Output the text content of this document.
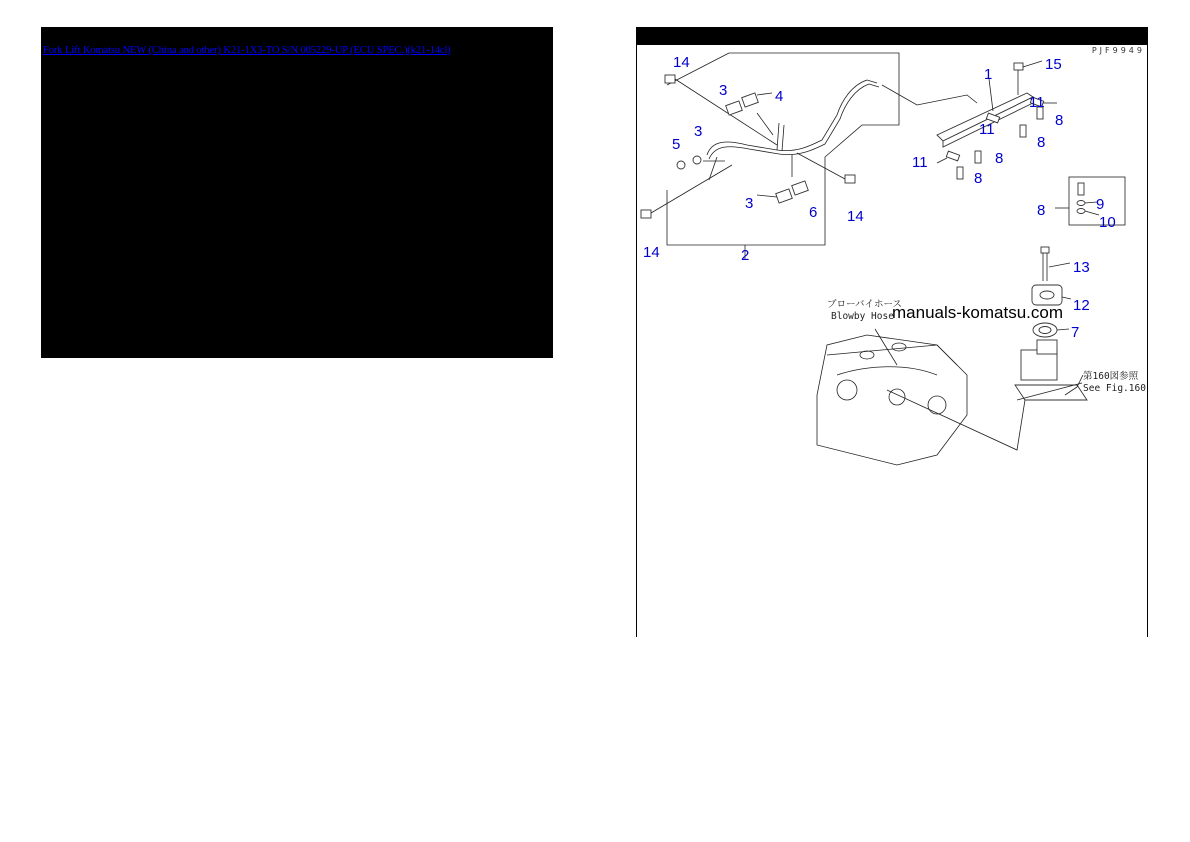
Fork Lift Komatsu NEW (China and other) K21-1X3-TO S/N 005229-UP (ECU SPEC.)(k21-14cl)	PJF9949
ブローバイホース
Blowby Hose
第160図参照
See Fig.160
manuals-komatsu.com
14
3	4
3
5
3
6 14
14	2
1
15
11
8
11
8
11	8
8
8	9
10
13
12
7
